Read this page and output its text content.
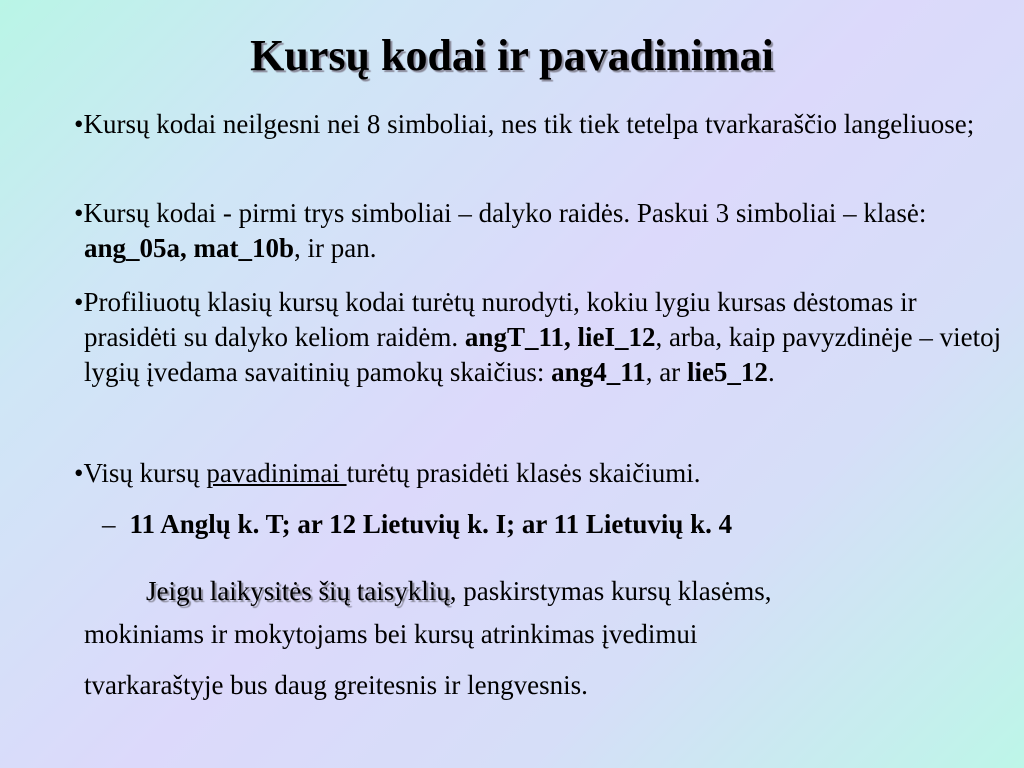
Kursų kodai ir pavadinimai

•Kursų kodai neilgesni nei 8 simboliai, nes tik tiek tetelpa tvarkaraščio langeliuose;

•Kursų kodai - pirmi trys simboliai – dalyko raidės. Paskui 3 simboliai – klasė: ang_05a, mat_10b, ir pan.

•Profiliuotų klasių kursų kodai turėtų nurodyti, kokiu lygiu kursas dėstomas ir prasidėti su dalyko keliom raidėm. angT_11, lieI_12, arba, kaip pavyzdinėje – vietoj lygių įvedama savaitinių pamokų skaičius: ang4_11, ar lie5_12.

•Visų kursų pavadinimai turėtų prasidėti klasės skaičiumi.

– 11 Anglų k. T; ar 12 Lietuvių k. I; ar 11 Lietuvių k. 4

Jeigu laikysitės šių taisyklių, paskirstymas kursų klasėms,

mokiniams ir mokytojams bei kursų atrinkimas įvedimui

tvarkaraštyje bus daug greitesnis ir lengvesnis.
